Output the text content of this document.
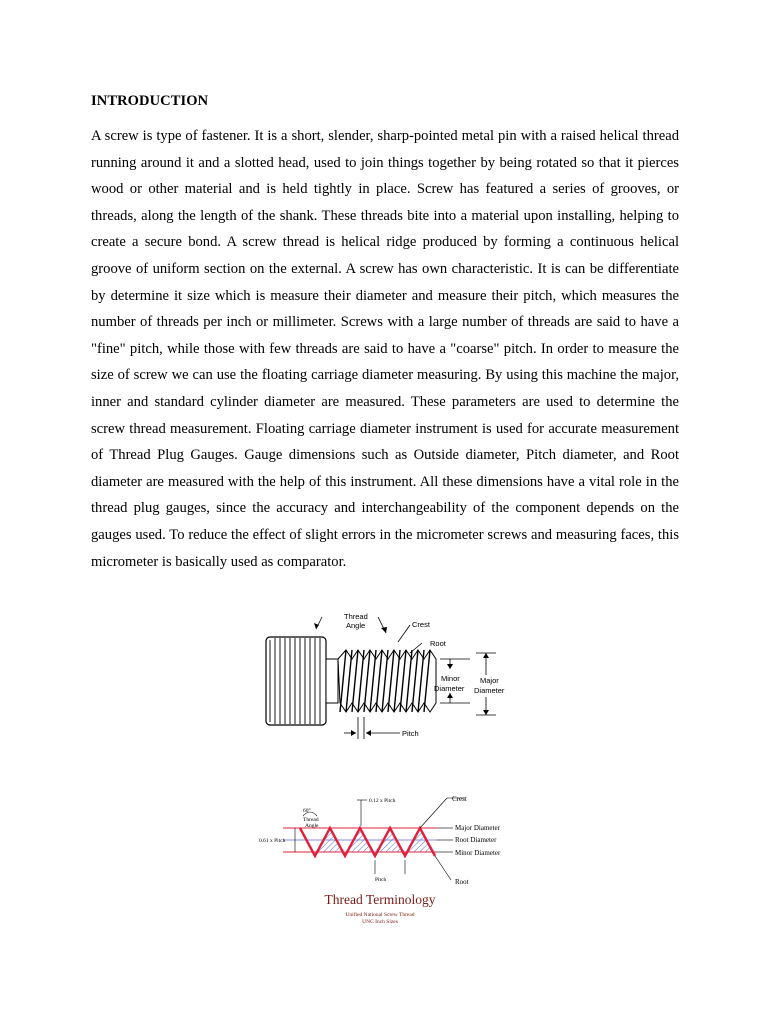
INTRODUCTION
A screw is type of fastener. It is a short, slender, sharp-pointed metal pin with a raised helical thread running around it and a slotted head, used to join things together by being rotated so that it pierces wood or other material and is held tightly in place. Screw has featured a series of grooves, or threads, along the length of the shank. These threads bite into a material upon installing, helping to create a secure bond. A screw thread is helical ridge produced by forming a continuous helical groove of uniform section on the external. A screw has own characteristic. It is can be differentiate by determine it size which is measure their diameter and measure their pitch, which measures the number of threads per inch or millimeter. Screws with a large number of threads are said to have a "fine" pitch, while those with few threads are said to have a "coarse" pitch. In order to measure the size of screw we can use the floating carriage diameter measuring. By using this machine the major, inner and standard cylinder diameter are measured. These parameters are used to determine the screw thread measurement. Floating carriage diameter instrument is used for accurate measurement of Thread Plug Gauges. Gauge dimensions such as Outside diameter, Pitch diameter, and Root diameter are measured with the help of this instrument. All these dimensions have a vital role in the thread plug gauges, since the accuracy and interchangeability of the component depends on the gauges used. To reduce the effect of slight errors in the micrometer screws and measuring faces, this micrometer is basically used as comparator.
Thread
Angle	Crest
Root
Minor
Diameter
Major
Diameter
Pitch
60°
Thread
Angle
0.12 x Pitch
0.61 x Pitch
Pitch
Crest
Major Diameter
Root Diameter
Minor Diameter
Root
Thread Terminology
Unified National Screw Thread
UNC Inch Sizes
